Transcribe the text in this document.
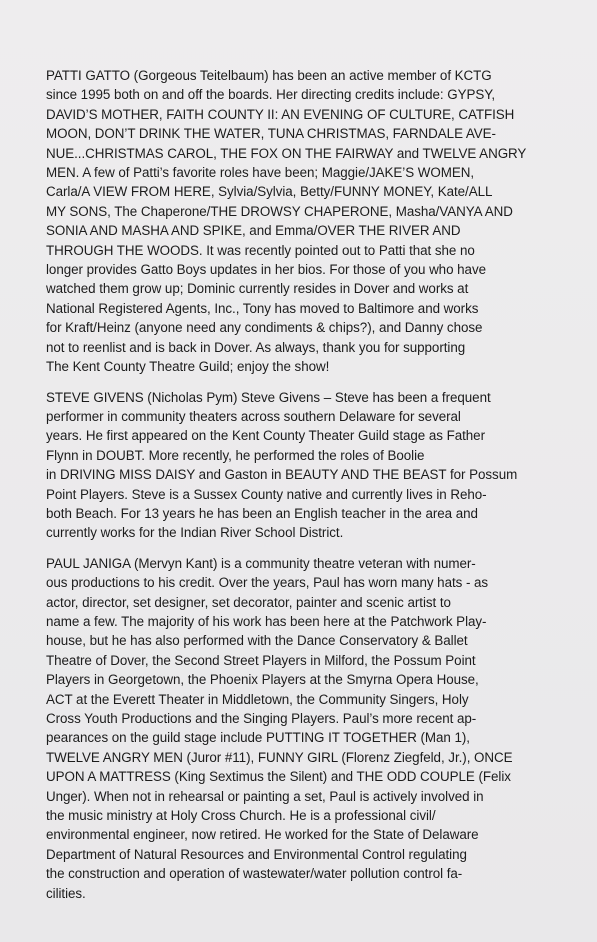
PATTI GATTO (Gorgeous Teitelbaum) has been an active member of KCTG
since 1995 both on and off the boards. Her directing credits include: GYPSY,
DAVID’S MOTHER, FAITH COUNTY II: AN EVENING OF CULTURE, CATFISH
MOON, DON’T DRINK THE WATER, TUNA CHRISTMAS, FARNDALE AVE-
NUE...CHRISTMAS CAROL, THE FOX ON THE FAIRWAY and TWELVE ANGRY
MEN. A few of Patti’s favorite roles have been; Maggie/JAKE’S WOMEN,
Carla/A VIEW FROM HERE, Sylvia/Sylvia, Betty/FUNNY MONEY, Kate/ALL
MY SONS, The Chaperone/THE DROWSY CHAPERONE, Masha/VANYA AND
SONIA AND MASHA AND SPIKE, and Emma/OVER THE RIVER AND
THROUGH THE WOODS. It was recently pointed out to Patti that she no
longer provides Gatto Boys updates in her bios. For those of you who have
watched them grow up; Dominic currently resides in Dover and works at
National Registered Agents, Inc., Tony has moved to Baltimore and works
for Kraft/Heinz (anyone need any condiments & chips?), and Danny chose
not to reenlist and is back in Dover. As always, thank you for supporting
The Kent County Theatre Guild; enjoy the show!
STEVE GIVENS (Nicholas Pym) Steve Givens – Steve has been a frequent
performer in community theaters across southern Delaware for several
years. He first appeared on the Kent County Theater Guild stage as Father
Flynn in DOUBT. More recently, he performed the roles of Boolie
in DRIVING MISS DAISY and Gaston in BEAUTY AND THE BEAST for Possum
Point Players. Steve is a Sussex County native and currently lives in Reho-
both Beach. For 13 years he has been an English teacher in the area and
currently works for the Indian River School District.
PAUL JANIGA (Mervyn Kant) is a community theatre veteran with numer-
ous productions to his credit. Over the years, Paul has worn many hats - as
actor, director, set designer, set decorator, painter and scenic artist to
name a few. The majority of his work has been here at the Patchwork Play-
house, but he has also performed with the Dance Conservatory & Ballet
Theatre of Dover, the Second Street Players in Milford, the Possum Point
Players in Georgetown, the Phoenix Players at the Smyrna Opera House,
ACT at the Everett Theater in Middletown, the Community Singers, Holy
Cross Youth Productions and the Singing Players. Paul’s more recent ap-
pearances on the guild stage include PUTTING IT TOGETHER (Man 1),
TWELVE ANGRY MEN (Juror #11), FUNNY GIRL (Florenz Ziegfeld, Jr.), ONCE
UPON A MATTRESS (King Sextimus the Silent) and THE ODD COUPLE (Felix
Unger). When not in rehearsal or painting a set, Paul is actively involved in
the music ministry at Holy Cross Church. He is a professional civil/
environmental engineer, now retired. He worked for the State of Delaware
Department of Natural Resources and Environmental Control regulating
the construction and operation of wastewater/water pollution control fa-
cilities.
